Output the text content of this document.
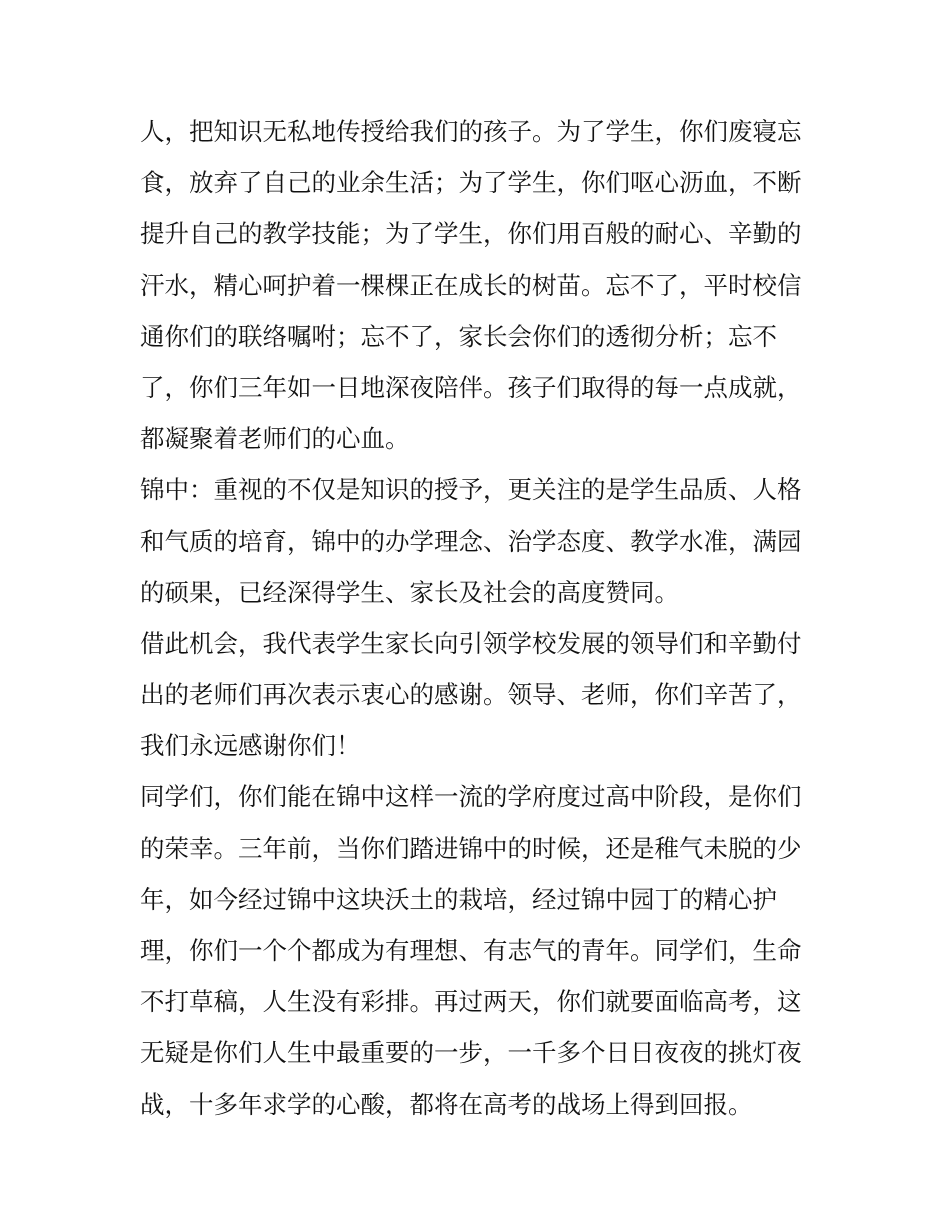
人，把知识无私地传授给我们的孩子。为了学生，你们废寝忘
食，放弃了自己的业余生活；为了学生，你们呕心沥血，不断
提升自己的教学技能；为了学生，你们用百般的耐心、辛勤的
汗水，精心呵护着一棵棵正在成长的树苗。忘不了，平时校信
通你们的联络嘱咐；忘不了，家长会你们的透彻分析；忘不
了，你们三年如一日地深夜陪伴。孩子们取得的每一点成就，
都凝聚着老师们的心血。
锦中：重视的不仅是知识的授予，更关注的是学生品质、人格
和气质的培育，锦中的办学理念、治学态度、教学水准，满园
的硕果，已经深得学生、家长及社会的高度赞同。
借此机会，我代表学生家长向引领学校发展的领导们和辛勤付
出的老师们再次表示衷心的感谢。领导、老师，你们辛苦了，
我们永远感谢你们！
同学们，你们能在锦中这样一流的学府度过高中阶段，是你们
的荣幸。三年前，当你们踏进锦中的时候，还是稚气未脱的少
年，如今经过锦中这块沃土的栽培，经过锦中园丁的精心护
理，你们一个个都成为有理想、有志气的青年。同学们，生命
不打草稿，人生没有彩排。再过两天，你们就要面临高考，这
无疑是你们人生中最重要的一步，一千多个日日夜夜的挑灯夜
战，十多年求学的心酸，都将在高考的战场上得到回报。
